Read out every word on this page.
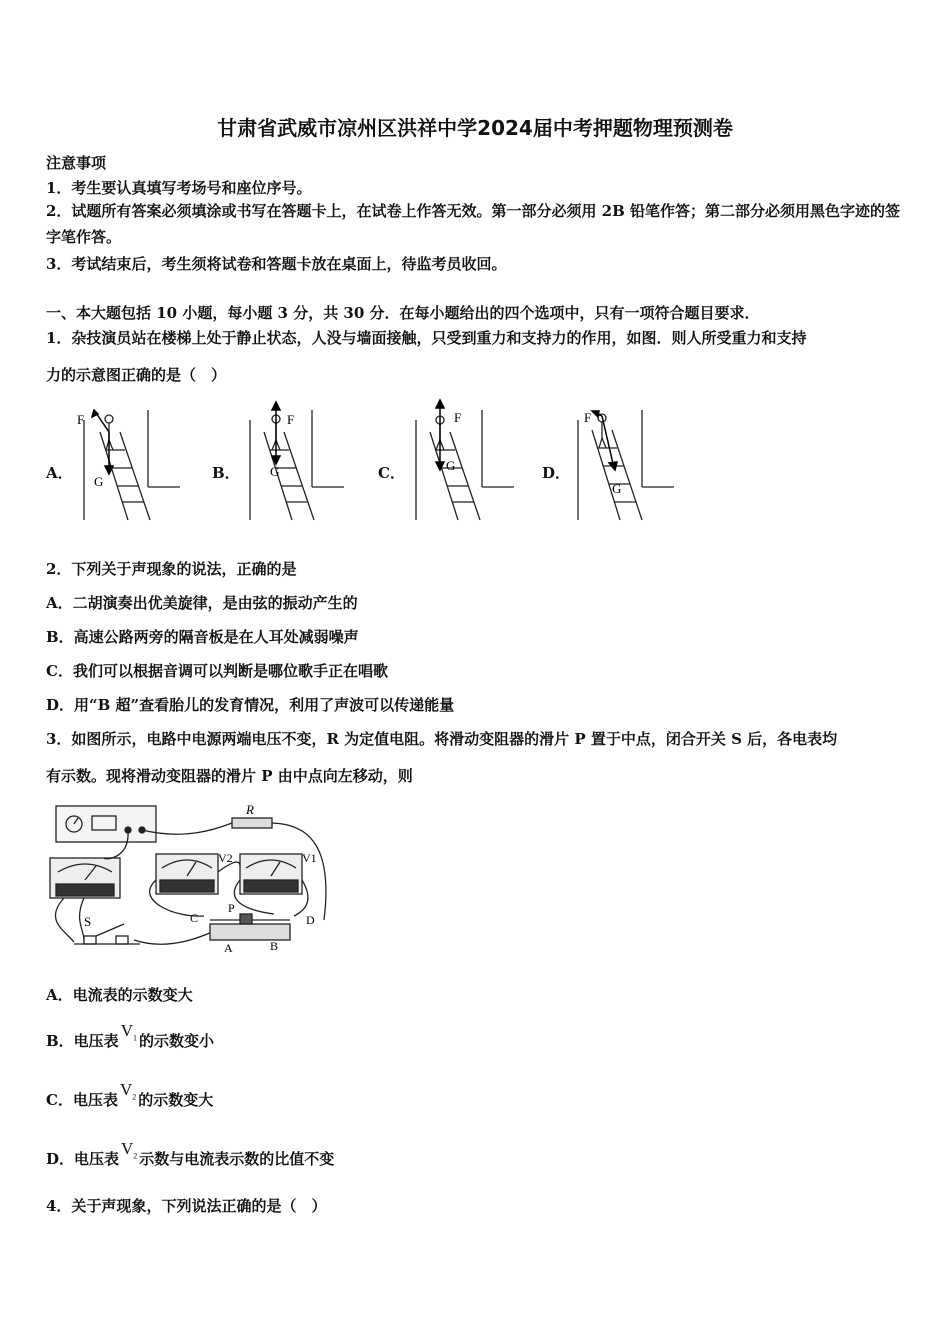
甘肃省武威市凉州区洪祥中学2024届中考押题物理预测卷
注意事项
1．考生要认真填写考场号和座位序号。
2．试题所有答案必须填涂或书写在答题卡上，在试卷上作答无效。第一部分必须用 2B 铅笔作答；第二部分必须用黑色字迹的签字笔作答。
3．考试结束后，考生须将试卷和答题卡放在桌面上，待监考员收回。
一、本大题包括 10 小题，每小题 3 分，共 30 分．在每小题给出的四个选项中，只有一项符合题目要求．
1．杂技演员站在楼梯上处于静止状态，人没与墙面接触，只受到重力和支持力的作用，如图．则人所受重力和支持
力的示意图正确的是（　）
A．	B．	C．	D．
F
G
F
G
F
G
F
G
2．下列关于声现象的说法，正确的是
A．二胡演奏出优美旋律，是由弦的振动产生的
B．高速公路两旁的隔音板是在人耳处减弱噪声
C．我们可以根据音调可以判断是哪位歌手正在唱歌
D．用“B 超”查看胎儿的发育情况，利用了声波可以传递能量
3．如图所示，电路中电源两端电压不变，R 为定值电阻。将滑动变阻器的滑片 P 置于中点，闭合开关 S 后，各电表均
有示数。现将滑动变阻器的滑片 P 由中点向左移动，则
R
V2	V1
S	C
P
D
A	B
A．电流表的示数变大
B．电压表$V_1$ 的示数变小
C．电压表$V_2$ 的示数变大
D．电压表$V_2$ 示数与电流表示数的比值不变
4．关于声现象，下列说法正确的是（　）
